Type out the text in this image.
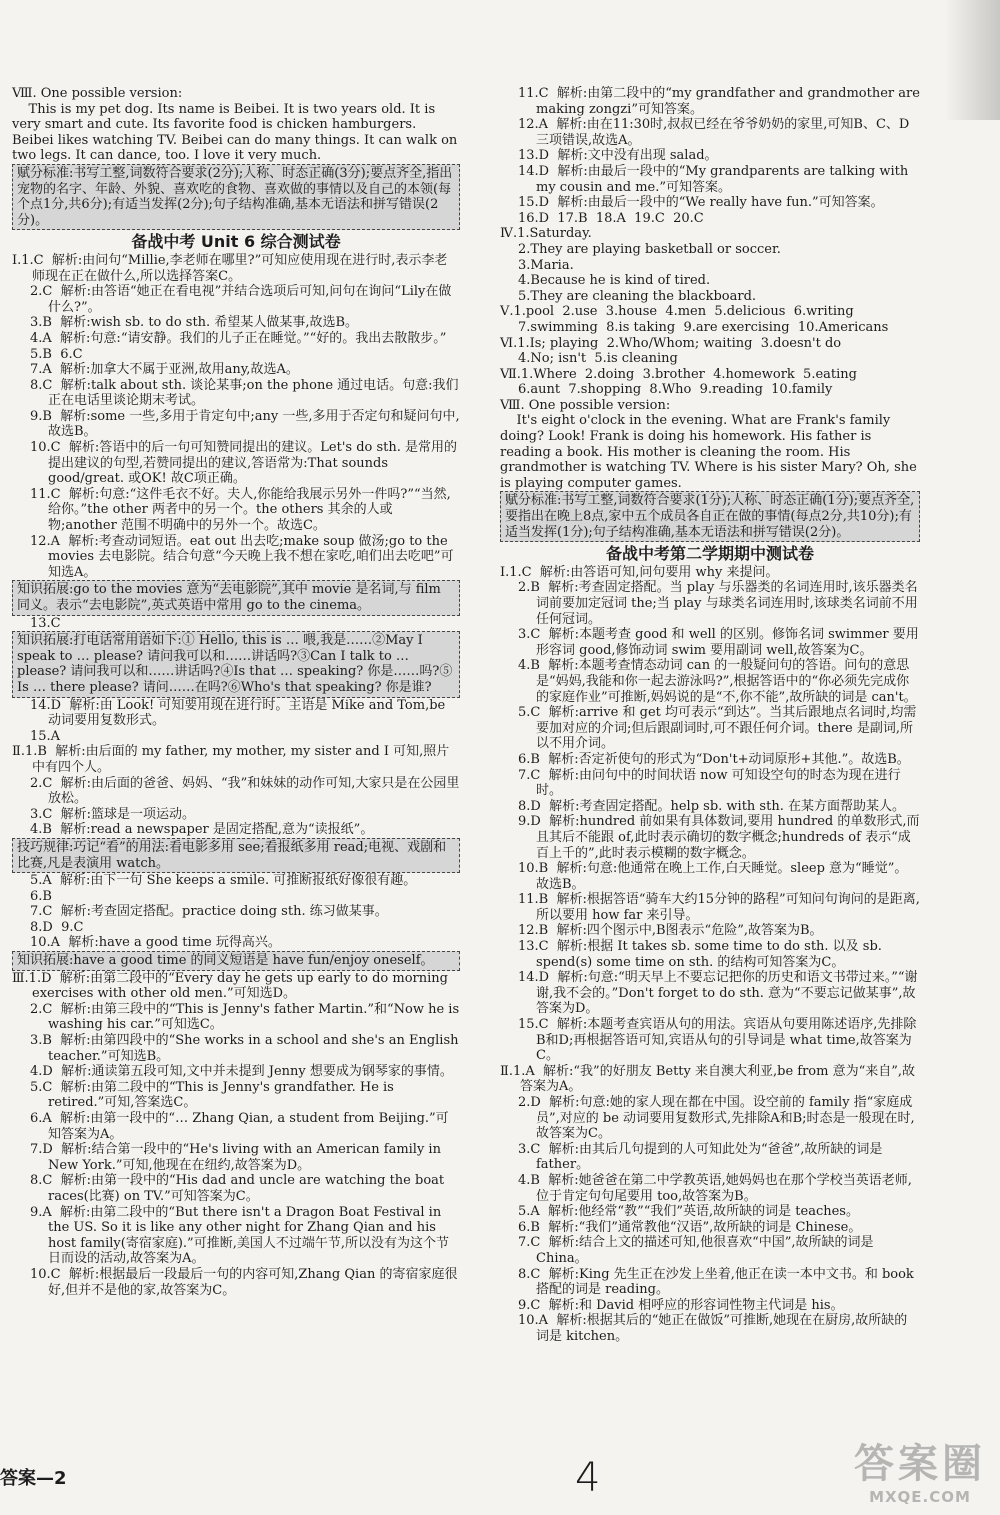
Ⅷ. One possible version:

This is my pet dog. Its name is Beibei. It is two years old. It is very smart and cute. Its favorite food is chicken hamburgers. Beibei likes watching TV. Beibei can do many things. It can walk on two legs. It can dance, too. I love it very much.

赋分标准:书写工整,词数符合要求(2分);人称、时态正确(3分);要点齐全,指出宠物的名字、年龄、外貌、喜欢吃的食物、喜欢做的事情以及自己的本领(每个点1分,共6分);有适当发挥(2分);句子结构准确,基本无语法和拼写错误(2分)。

备战中考 Unit 6 综合测试卷

Ⅰ.1.C  解析:由问句“Millie,李老师在哪里?”可知应使用现在进行时,表示李老师现在正在做什么,所以选择答案C。

2.C  解析:由答语“她正在看电视”并结合选项后可知,问句在询问“Lily在做什么?”。

3.B  解析:wish sb. to do sth. 希望某人做某事,故选B。

4.A  解析:句意:“请安静。我们的儿子正在睡觉。”“好的。我出去散散步。”

5.B  6.C

7.A  解析:加拿大不属于亚洲,故用any,故选A。

8.C  解析:talk about sth. 谈论某事;on the phone 通过电话。句意:我们正在电话里谈论期末考试。

9.B  解析:some 一些,多用于肯定句中;any 一些,多用于否定句和疑问句中,故选B。

10.C  解析:答语中的后一句可知赞同提出的建议。Let's do sth. 是常用的提出建议的句型,若赞同提出的建议,答语常为:That sounds good/great. 或OK! 故C项正确。

11.C  解析:句意:“这件毛衣不好。夫人,你能给我展示另外一件吗?”“当然,给你。”the other 两者中的另一个。the others 其余的人或物;another 范围不明确中的另外一个。故选C。

12.A  解析:考查动词短语。eat out 出去吃;make soup 做汤;go to the movies 去电影院。结合句意“今天晚上我不想在家吃,咱们出去吃吧”可知选A。

知识拓展:go to the movies 意为“去电影院”,其中 movie 是名词,与 film 同义。表示“去电影院”,英式英语中常用 go to the cinema。

13.C

知识拓展:打电话常用语如下:① Hello, this is … 喂,我是……②May I speak to … please? 请问我可以和……讲话吗?③Can I talk to … please? 请问我可以和……讲话吗?④Is that … speaking? 你是……吗?⑤ Is … there please? 请问……在吗?⑥Who's that speaking? 你是谁?

14.D  解析:由 Look! 可知要用现在进行时。主语是 Mike and Tom,be 动词要用复数形式。

15.A

Ⅱ.1.B  解析:由后面的 my father, my mother, my sister and I 可知,照片中有四个人。

2.C  解析:由后面的爸爸、妈妈、“我”和妹妹的动作可知,大家只是在公园里放松。

3.C  解析:篮球是一项运动。

4.B  解析:read a newspaper 是固定搭配,意为“读报纸”。

技巧规律:巧记“看”的用法:看电影多用 see;看报纸多用 read;电视、戏剧和比赛,凡是表演用 watch。

5.A  解析:由下一句 She keeps a smile. 可推断报纸好像很有趣。

6.B

7.C  解析:考查固定搭配。practice doing sth. 练习做某事。

8.D  9.C

10.A  解析:have a good time 玩得高兴。

知识拓展:have a good time 的同义短语是 have fun/enjoy oneself。

Ⅲ.1.D  解析:由第二段中的“Every day he gets up early to do morning exercises with other old men.”可知选D。

2.C  解析:由第三段中的“This is Jenny's father Martin.”和“Now he is washing his car.”可知选C。

3.B  解析:由第四段中的“She works in a school and she's an English teacher.”可知选B。

4.D  解析:通读第五段可知,文中并未提到 Jenny 想要成为钢琴家的事情。

5.C  解析:由第二段中的“This is Jenny's grandfather. He is retired.”可知,答案选C。

6.A  解析:由第一段中的“… Zhang Qian, a student from Beijing.”可知答案为A。

7.D  解析:结合第一段中的“He's living with an American family in New York.”可知,他现在在纽约,故答案为D。

8.C  解析:由第一段中的“His dad and uncle are watching the boat races(比赛) on TV.”可知答案为C。

9.A  解析:由第二段中的“But there isn't a Dragon Boat Festival in the US. So it is like any other night for Zhang Qian and his host family(寄宿家庭).”可推断,美国人不过端午节,所以没有为这个节日而设的活动,故答案为A。

10.C  解析:根据最后一段最后一句的内容可知,Zhang Qian 的寄宿家庭很好,但并不是他的家,故答案为C。

11.C  解析:由第二段中的“my grandfather and grandmother are making zongzi”可知答案。

12.A  解析:由在11:30时,叔叔已经在爷爷奶奶的家里,可知B、C、D三项错误,故选A。

13.D  解析:文中没有出现 salad。

14.D  解析:由最后一段中的“My grandparents are talking with my cousin and me.”可知答案。

15.D  解析:由最后一段中的“We really have fun.”可知答案。

16.D  17.B  18.A  19.C  20.C

Ⅳ.1.Saturday.

2.They are playing basketball or soccer.

3.Maria.

4.Because he is kind of tired.

5.They are cleaning the blackboard.

Ⅴ.1.pool  2.use  3.house  4.men  5.delicious  6.writing

7.swimming  8.is taking  9.are exercising  10.Americans

Ⅵ.1.Is; playing  2.Who/Whom; waiting  3.doesn't do

4.No; isn't  5.is cleaning

Ⅶ.1.Where  2.doing  3.brother  4.homework  5.eating

6.aunt  7.shopping  8.Who  9.reading  10.family

Ⅷ. One possible version:

It's eight o'clock in the evening. What are Frank's family doing? Look! Frank is doing his homework. His father is reading a book. His mother is cleaning the room. His grandmother is watching TV. Where is his sister Mary? Oh, she is playing computer games.

赋分标准:书写工整,词数符合要求(1分);人称、时态正确(1分);要点齐全,要指出在晚上8点,家中五个成员各自正在做的事情(每点2分,共10分);有适当发挥(1分);句子结构准确,基本无语法和拼写错误(2分)。

备战中考第二学期期中测试卷

Ⅰ.1.C  解析:由答语可知,问句要用 why 来提问。

2.B  解析:考查固定搭配。当 play 与乐器类的名词连用时,该乐器类名词前要加定冠词 the;当 play 与球类名词连用时,该球类名词前不用任何冠词。

3.C  解析:本题考查 good 和 well 的区别。修饰名词 swimmer 要用形容词 good,修饰动词 swim 要用副词 well,故答案为C。

4.B  解析:本题考查情态动词 can 的一般疑问句的答语。问句的意思是“妈妈,我能和你一起去游泳吗?”,根据答语中的“你必须先完成你的家庭作业”可推断,妈妈说的是“不,你不能”,故所缺的词是 can't。

5.C  解析:arrive 和 get 均可表示“到达”。当其后跟地点名词时,均需要加对应的介词;但后跟副词时,可不跟任何介词。there 是副词,所以不用介词。

6.B  解析:否定祈使句的形式为“Don't+动词原形+其他.”。故选B。

7.C  解析:由问句中的时间状语 now 可知设空句的时态为现在进行时。

8.D  解析:考查固定搭配。help sb. with sth. 在某方面帮助某人。

9.D  解析:hundred 前如果有具体数词,要用 hundred 的单数形式,而且其后不能跟 of,此时表示确切的数字概念;hundreds of 表示“成百上千的”,此时表示模糊的数字概念。

10.B  解析:句意:他通常在晚上工作,白天睡觉。sleep 意为“睡觉”。故选B。

11.B  解析:根据答语“骑车大约15分钟的路程”可知问句询问的是距离,所以要用 how far 来引导。

12.B  解析:四个图示中,B图表示“危险”,故答案为B。

13.C  解析:根据 It takes sb. some time to do sth. 以及 sb. spend(s) some time on sth. 的结构可知答案为C。

14.D  解析:句意:“明天早上不要忘记把你的历史和语文书带过来。”“谢谢,我不会的。”Don't forget to do sth. 意为“不要忘记做某事”,故答案为D。

15.C  解析:本题考查宾语从句的用法。宾语从句要用陈述语序,先排除B和D;再根据答语可知,宾语从句的引导词是 what time,故答案为C。

Ⅱ.1.A  解析:“我”的好朋友 Betty 来自澳大利亚,be from 意为“来自”,故答案为A。

2.D  解析:句意:她的家人现在都在中国。设空前的 family 指“家庭成员”,对应的 be 动词要用复数形式,先排除A和B;时态是一般现在时,故答案为C。

3.C  解析:由其后几句提到的人可知此处为“爸爸”,故所缺的词是 father。

4.B  解析:她爸爸在第二中学教英语,她妈妈也在那个学校当英语老师,位于肯定句句尾要用 too,故答案为B。

5.A  解析:他经常“教”“我们”英语,故所缺的词是 teaches。

6.B  解析:“我们”通常教他“汉语”,故所缺的词是 Chinese。

7.C  解析:结合上文的描述可知,他很喜欢“中国”,故所缺的词是 China。

8.C  解析:King 先生正在沙发上坐着,他正在读一本中文书。和 book 搭配的词是 reading。

9.C  解析:和 David 相呼应的形容词性物主代词是 his。

10.A  解析:根据其后的“她正在做饭”可推断,她现在在厨房,故所缺的词是 kitchen。

答案—2	4	答案圈
MXQE.COM
